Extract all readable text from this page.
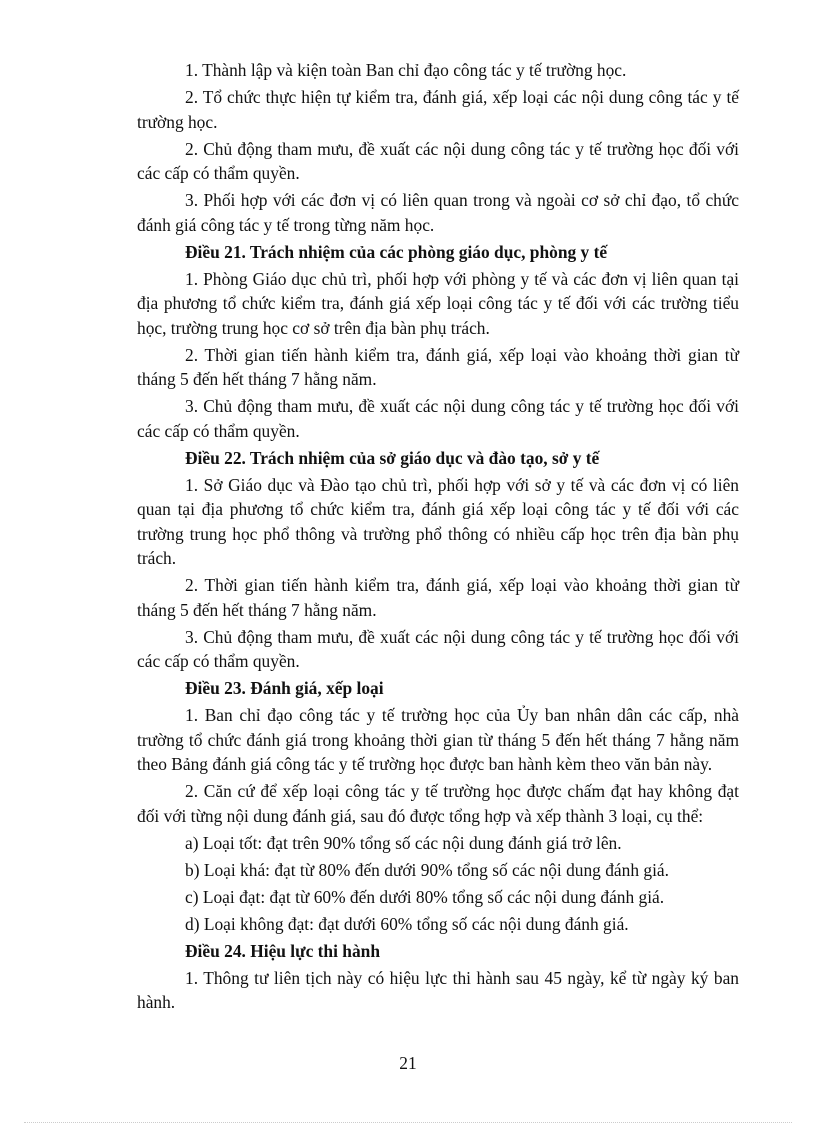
1. Thành lập và kiện toàn Ban chỉ đạo công tác y tế trường học.

2. Tổ chức thực hiện tự kiểm tra, đánh giá, xếp loại các nội dung công tác y tế trường học.

2. Chủ động tham mưu, đề xuất các nội dung công tác y tế trường học đối với các cấp có thẩm quyền.

3. Phối hợp với các đơn vị có liên quan trong và ngoài cơ sở chỉ đạo, tổ chức đánh giá công tác y tế trong từng năm học.

Điều 21. Trách nhiệm của các phòng giáo dục, phòng y tế

1. Phòng Giáo dục chủ trì, phối hợp với phòng y tế và các đơn vị liên quan tại địa phương tổ chức kiểm tra, đánh giá xếp loại công tác y tế đối với các trường tiểu học, trường trung học cơ sở trên địa bàn phụ trách.

2. Thời gian tiến hành kiểm tra, đánh giá, xếp loại vào khoảng thời gian từ tháng 5 đến hết tháng 7 hằng năm.

3. Chủ động tham mưu, đề xuất các nội dung công tác y tế trường học đối với các cấp có thẩm quyền.

Điều 22. Trách nhiệm của sở giáo dục và đào tạo, sở y tế

1. Sở Giáo dục và Đào tạo chủ trì, phối hợp với sở y tế và các đơn vị có liên quan tại địa phương tổ chức kiểm tra, đánh giá xếp loại công tác y tế đối với các trường trung học phổ thông và trường phổ thông có nhiều cấp học trên địa bàn phụ trách.

2. Thời gian tiến hành kiểm tra, đánh giá, xếp loại vào khoảng thời gian từ tháng 5 đến hết tháng 7 hằng năm.

3. Chủ động tham mưu, đề xuất các nội dung công tác y tế trường học đối với các cấp có thẩm quyền.

Điều 23. Đánh giá, xếp loại

1. Ban chỉ đạo công tác y tế trường học của Ủy ban nhân dân các cấp, nhà trường tổ chức đánh giá trong khoảng thời gian từ tháng 5 đến hết tháng 7 hằng năm theo Bảng đánh giá công tác y tế trường học được ban hành kèm theo văn bản này.

2. Căn cứ để xếp loại công tác y tế trường học được chấm đạt hay không đạt đối với từng nội dung đánh giá, sau đó được tổng hợp và xếp thành 3 loại, cụ thể:

a) Loại tốt: đạt trên 90% tổng số các nội dung đánh giá trở lên.

b) Loại khá: đạt từ 80% đến dưới 90% tổng số các nội dung đánh giá.

c) Loại đạt: đạt từ 60% đến dưới 80% tổng số các nội dung đánh giá.

d) Loại không đạt: đạt dưới 60% tổng số các nội dung đánh giá.

Điều 24. Hiệu lực thi hành

1. Thông tư liên tịch này có hiệu lực thi hành sau 45 ngày, kể từ ngày ký ban hành.

21
